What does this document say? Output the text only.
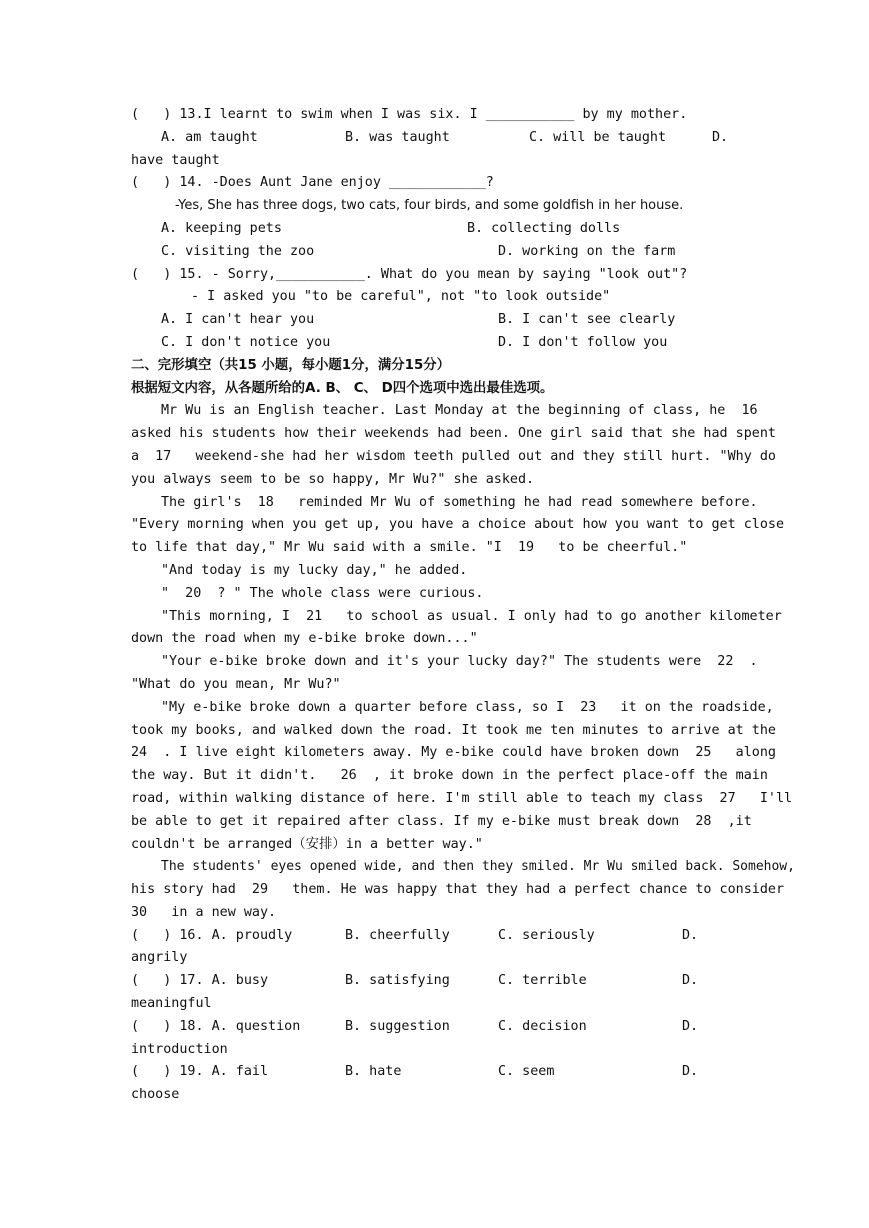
(   ) 13.I learnt to swim when I was six. I ___________ by my mother.

A. am taught

	B. was taught

	C. will be taught

	D.

have taught
(   ) 14. -Does Aunt Jane enjoy ____________?
-Yes, She has three dogs, two cats, four birds, and some goldfish in her house.

A. keeping pets

	B. collecting dolls

C. visiting the zoo

	D. working on the farm

(   ) 15. - Sorry,___________. What do you mean by saying "look out"?
- I asked you "to be careful", not "to look outside"

A. I can't hear you

	B. I can't see clearly

C. I don't notice you

	D. I don't follow you

二、完形填空（共15 小题，每小题1分，满分15分）
根据短文内容，从各题所给的A. B、 C、 D四个选项中选出最佳选项。
Mr Wu is an English teacher. Last Monday at the beginning of class, he  16
asked his students how their weekends had been. One girl said that she had spent
a  17   weekend-she had her wisdom teeth pulled out and they still hurt. "Why do
you always seem to be so happy, Mr Wu?" she asked.
The girl's  18   reminded Mr Wu of something he had read somewhere before.
"Every morning when you get up, you have a choice about how you want to get close
to life that day," Mr Wu said with a smile. "I  19   to be cheerful."
"And today is my lucky day," he added.
"  20  ? " The whole class were curious.
"This morning, I  21   to school as usual. I only had to go another kilometer
down the road when my e-bike broke down..."
"Your e-bike broke down and it's your lucky day?" The students were  22  .
"What do you mean, Mr Wu?"
"My e-bike broke down a quarter before class, so I  23   it on the roadside,
took my books, and walked down the road. It took me ten minutes to arrive at the
24  . I live eight kilometers away. My e-bike could have broken down  25   along
the way. But it didn't.   26  , it broke down in the perfect place-off the main
road, within walking distance of here. I'm still able to teach my class  27   I'll
be able to get it repaired after class. If my e-bike must break down  28  ,it
couldn't be arranged（安排）in a better way."
The students' eyes opened wide, and then they smiled. Mr Wu smiled back. Somehow,
his story had  29   them. He was happy that they had a perfect chance to consider
30   in a new way.

(   ) 16. A. proudly

	B. cheerfully

	C. seriously

	D.

angrily

(   ) 17. A. busy

	B. satisfying

	C. terrible

	D.

meaningful

(   ) 18. A. question

	B. suggestion

	C. decision

	D.

introduction

(   ) 19. A. fail

	B. hate

	C. seem

	D.

choose
